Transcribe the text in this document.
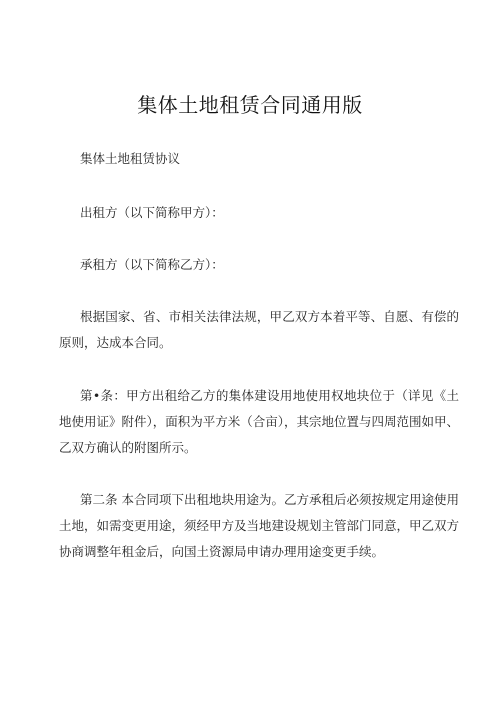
集体土地租赁合同通用版
集体土地租赁协议
出租方（以下简称甲方）：
承租方（以下简称乙方）：
根据国家、省、市相关法律法规，甲乙双方本着平等、自愿、有偿的原则，达成本合同。
第•条：甲方出租给乙方的集体建设用地使用权地块位于（详见《土地使用证》附件），面积为平方米（合亩），其宗地位置与四周范围如甲、乙双方确认的附图所示。
第二条 本合同项下出租地块用途为。乙方承租后必须按规定用途使用土地，如需变更用途，须经甲方及当地建设规划主管部门同意，甲乙双方协商调整年租金后，向国土资源局申请办理用途变更手续。
